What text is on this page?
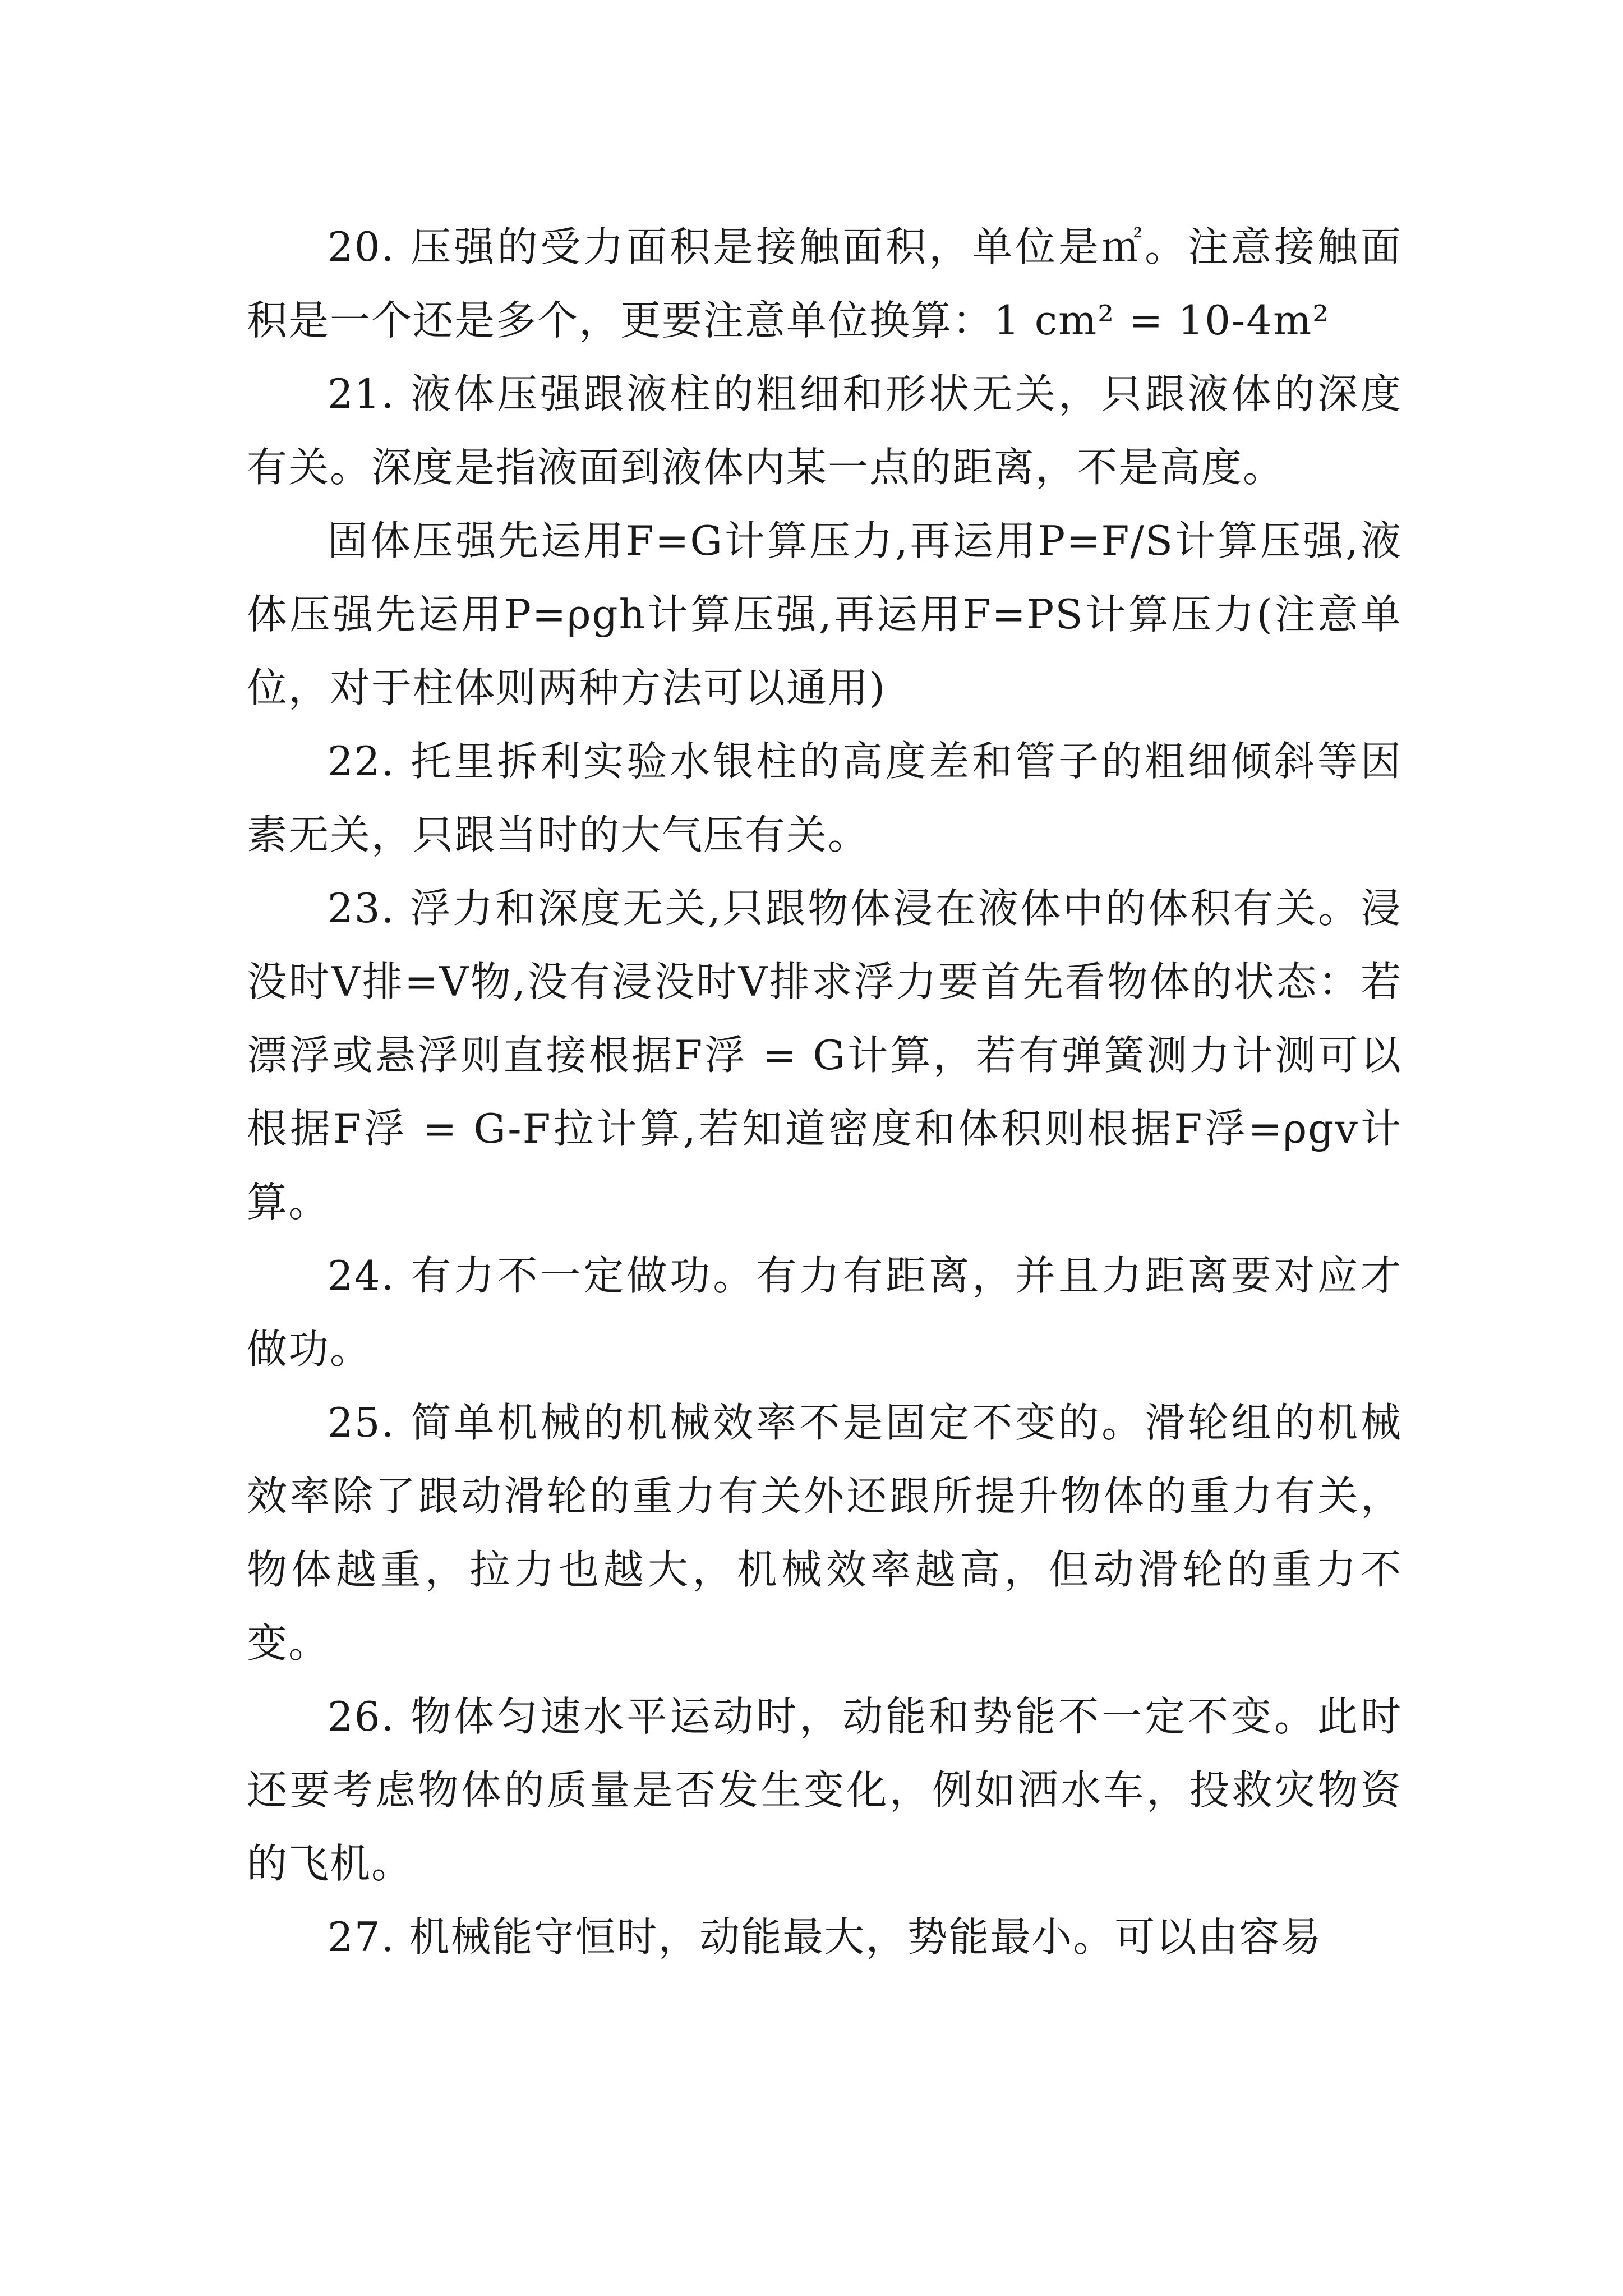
20. 压强的受力面积是接触面积，单位是㎡。注意接触面积是一个还是多个，更要注意单位换算：1 cm² = 10-4m²

21. 液体压强跟液柱的粗细和形状无关，只跟液体的深度有关。深度是指液面到液体内某一点的距离，不是高度。

固体压强先运用F=G计算压力,再运用P=F/S计算压强,液体压强先运用P=ρgh计算压强,再运用F=PS计算压力(注意单位，对于柱体则两种方法可以通用)

22. 托里拆利实验水银柱的高度差和管子的粗细倾斜等因素无关，只跟当时的大气压有关。

23. 浮力和深度无关,只跟物体浸在液体中的体积有关。浸没时V排=V物,没有浸没时V排求浮力要首先看物体的状态：若漂浮或悬浮则直接根据F浮 = G计算，若有弹簧测力计测可以根据F浮 = G-F拉计算,若知道密度和体积则根据F浮=ρgv计算。

24. 有力不一定做功。有力有距离，并且力距离要对应才做功。

25. 简单机械的机械效率不是固定不变的。滑轮组的机械效率除了跟动滑轮的重力有关外还跟所提升物体的重力有关，物体越重，拉力也越大，机械效率越高，但动滑轮的重力不变。

26. 物体匀速水平运动时，动能和势能不一定不变。此时还要考虑物体的质量是否发生变化，例如洒水车，投救灾物资的飞机。

27. 机械能守恒时，动能最大，势能最小。可以由容易
